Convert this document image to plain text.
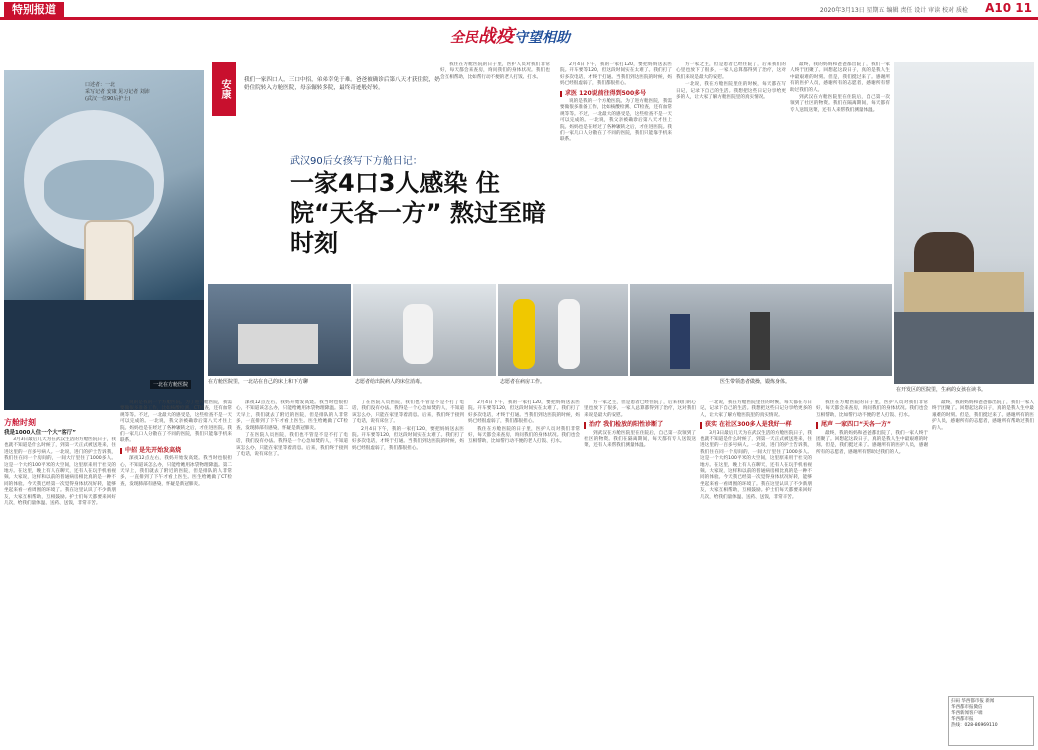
特别报道	2020年3月13日 星期五 编辑 责任 设计 审读 校对 质检 A10 11
全民战疫守望相助
一北在方舱医院
口述者：一北
采写记者 安康 见习记者 刘沛
(武汉一位90后护士)	安康	我们一家四口人，三口中招，弟弟幸免于难。爸爸被确诊后第八天才获住院，奶奶住院转入方舱医院，母亲辗转多院，最终奇迹般好转。
武汉90后女孩写下方舱日记：
一家4口3人感染 住院“天各一方” 熬过至暗时刻

我住在方舱医院的日子里，医护人员对我们非常好，每天都会来查房，询问我们的身体状况。我们也会互相帮助，比如帮行动不便的老人打饭、打水。

2月4日下午，我的一家打120，要把妈妈送去医院。开车要等120，但这段时间实在太难了。我们打了好多次电话，才终于打通。当我们到达医院的时候，妈妈已经很虚弱了，我们都很担心。

求医 120说前往得到500多号

说的是我的一个方舱医院。为了进方舱医院，我需要做很多准备工作，比如核酸检测、CT检查，还有血常规等等。不过，一北最大的感受是，这些检查不是一天可以完成的。一北说，我父亲被确诊后第八天才住上院。妈妈也是在经过了各种辗转之后，才住进医院。我们一家几口人分散在了不同的医院，我们只能靠手机来联系。

方一家之主，但是患者已经住院了，后来我们的心里也放下了很多，一家人总算都得到了治疗，这对我们来说是最大的安慰。

一北说，我在方舱医院里住的时候，每天都在写日记，记录下自己的生活。我想把这些日记分享给更多的人，让大家了解方舱医院里的真实情况。

最终，我的妈妈和爸爸都出院了，我们一家人终于团聚了。回想起这段日子，真的是我人生中最艰难的时刻。但是，我们挺过来了。感谢所有的医护人员，感谢所有的志愿者，感谢所有帮助过我们的人。

到武汉在方舱医院里在住院后，自己第一次领到了社区的物资。我们在隔离期间，每天都有专人送饭送菜，还有人来帮我们测量体温。

在开发区的医院里，生病的女孩在读书。
在方舱医院里，一北站在自己的床上和下方聊	志愿者给出院病人的床位消毒。	志愿者在病房工作。	医生带领患者做操，锻炼身体。
方舱时刻
我是1000人住一个大“客厅”

3月3日最后几天为在武汉生活的方舱医院日子，我也就不知道是什么时候了，到第一天正式被送进来，住进这里的一百多号病人。一北说，进门的护士告诉我，我们住在同一个房间的，一间大厅里住了1000多人。这是一个大约100平米的大空间，这里原来用于社交的地方。在这里，晚上有人在聊天，还有人在玩手机看视频。大家说，这样和以前的普通病房相比真的是一种不同的体验。今天我已经第一次觉得身体状况好转，能够坐起来看一看周围的环境了。我在这里认识了不少新朋友，大家互相帮助，互相鼓励。护士们每天都要来回好几次，给我们量体温、送药、送饭，非常辛苦。

说的是我的一个方舱医院。为了进方舱医院，我需要做很多准备工作，比如核酸检测、CT检查，还有血常规等等。不过，一北最大的感受是，这些检查不是一天可以完成的。一北说，我父亲被确诊后第八天才住上院。妈妈也是在经过了各种辗转之后，才住进医院。我们一家几口人分散在了不同的医院，我们只能靠手机来联系。

中招 是先开始发高烧

深夜12点左右，我妈开始发高烧。我当时也很担心，不知道该怎么办，只能给她用冰袋物理降温。第二天早上，我们就去了附近的医院，但是排队的人非常多，一直排到了下午才看上医生。医生给她做了CT检查，发现肺部有感染，怀疑是新冠肺炎。

深夜12点左右，我妈开始发高烧。我当时也很担心，不知道该怎么办，只能给她用冰袋物理降温。第二天早上，我们就去了附近的医院，但是排队的人非常多，一直排到了下午才看上医生。医生给她做了CT检查，发现肺部有感染，怀疑是新冠肺炎。

了在医院人员医院，我们也不管是不是不打了电话，我们没有办法。我得是一个心急如焚的人，不知道该怎么办，只能在家里等着消息。后来，我们终于接到了电话，说有床位了。

了在医院人员医院，我们也不管是不是不打了电话，我们没有办法。我得是一个心急如焚的人，不知道该怎么办，只能在家里等着消息。后来，我们终于接到了电话，说有床位了。

2月4日下午，我的一家打120，要把妈妈送去医院。开车要等120，但这段时间实在太难了。我们打了好多次电话，才终于打通。当我们到达医院的时候，妈妈已经很虚弱了，我们都很担心。

2月4日下午，我的一家打120，要把妈妈送去医院。开车要等120，但这段时间实在太难了。我们打了好多次电话，才终于打通。当我们到达医院的时候，妈妈已经很虚弱了，我们都很担心。

我住在方舱医院的日子里，医护人员对我们非常好，每天都会来查房，询问我们的身体状况。我们也会互相帮助，比如帮行动不便的老人打饭、打水。

方一家之主，但是患者已经住院了，后来我们的心里也放下了很多，一家人总算都得到了治疗，这对我们来说是最大的安慰。

治疗 我们检放的阳性诊断了

到武汉在方舱医院里在住院后，自己第一次领到了社区的物资。我们在隔离期间，每天都有专人送饭送菜，还有人来帮我们测量体温。

一北说，我在方舱医院里住的时候，每天都在写日记，记录下自己的生活。我想把这些日记分享给更多的人，让大家了解方舱医院里的真实情况。

获实 在社区300多人是我好一样

3月3日最后几天为在武汉生活的方舱医院日子，我也就不知道是什么时候了，到第一天正式被送进来，住进这里的一百多号病人。一北说，进门的护士告诉我，我们住在同一个房间的，一间大厅里住了1000多人。这是一个大约100平米的大空间，这里原来用于社交的地方。在这里，晚上有人在聊天，还有人在玩手机看视频。大家说，这样和以前的普通病房相比真的是一种不同的体验。今天我已经第一次觉得身体状况好转，能够坐起来看一看周围的环境了。我在这里认识了不少新朋友，大家互相帮助，互相鼓励。护士们每天都要来回好几次，给我们量体温、送药、送饭，非常辛苦。

我住在方舱医院的日子里，医护人员对我们非常好，每天都会来查房，询问我们的身体状况。我们也会互相帮助，比如帮行动不便的老人打饭、打水。

尾声 一家四口“天各一方”

最终，我的妈妈和爸爸都出院了，我们一家人终于团聚了。回想起这段日子，真的是我人生中最艰难的时刻。但是，我们挺过来了。感谢所有的医护人员，感谢所有的志愿者，感谢所有帮助过我们的人。

最终，我的妈妈和爸爸都出院了，我们一家人终于团聚了。回想起这段日子，真的是我人生中最艰难的时刻。但是，我们挺过来了。感谢所有的医护人员，感谢所有的志愿者，感谢所有帮助过我们的人。

扫码 华西都市报 新闻
华西都市报微信
华西新闻客户端
华西都市报
热线：028-86969110
